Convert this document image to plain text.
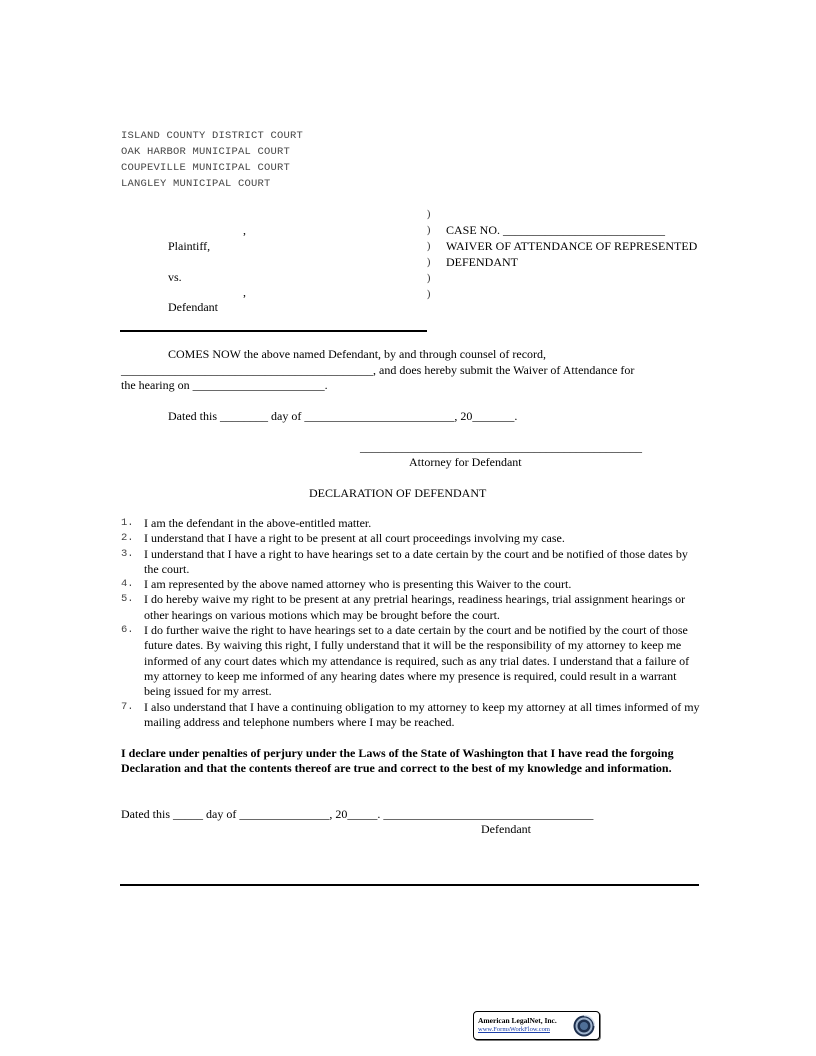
ISLAND COUNTY DISTRICT COURT
OAK HARBOR MUNICIPAL COURT
COUPEVILLE MUNICIPAL COURT
LANGLEY MUNICIPAL COURT
,
Plaintiff,
vs.
,
Defendant
)
)
)
)
)
)
CASE NO. ___________________________
WAIVER OF ATTENDANCE OF REPRESENTED
DEFENDANT
COMES NOW the above named Defendant, by and through counsel of record,
__________________________________________, and does hereby submit the Waiver of Attendance for
the hearing on ______________________.
Dated this ________ day of _________________________, 20_______.
_______________________________________________
Attorney for Defendant
DECLARATION OF DEFENDANT
1. I am the defendant in the above-entitled matter.
2. I understand that I have a right to be present at all court proceedings involving my case.
3. I understand that I have a right to have hearings set to a date certain by the court and be notified of those dates by the court.
4. I am represented by the above named attorney who is presenting this Waiver to the court.
5. I do hereby waive my right to be present at any pretrial hearings, readiness hearings, trial assignment hearings or other hearings on various motions which may be brought before the court.
6. I do further waive the right to have hearings set to a date certain by the court and be notified by the court of those future dates. By waiving this right, I fully understand that it will be the responsibility of my attorney to keep me informed of any court dates which my attendance is required, such as any trial dates. I understand that a failure of my attorney to keep me informed of any hearing dates where my presence is required, could result in a warrant being issued for my arrest.
7. I also understand that I have a continuing obligation to my attorney to keep my attorney at all times informed of my mailing address and telephone numbers where I may be reached.
I declare under penalties of perjury under the Laws of the State of Washington that I have read the forgoing Declaration and that the contents thereof are true and correct to the best of my knowledge and information.
Dated this _____ day of _______________, 20_____. ___________________________________
Defendant
American LegalNet, Inc.
www.FormsWorkFlow.com
